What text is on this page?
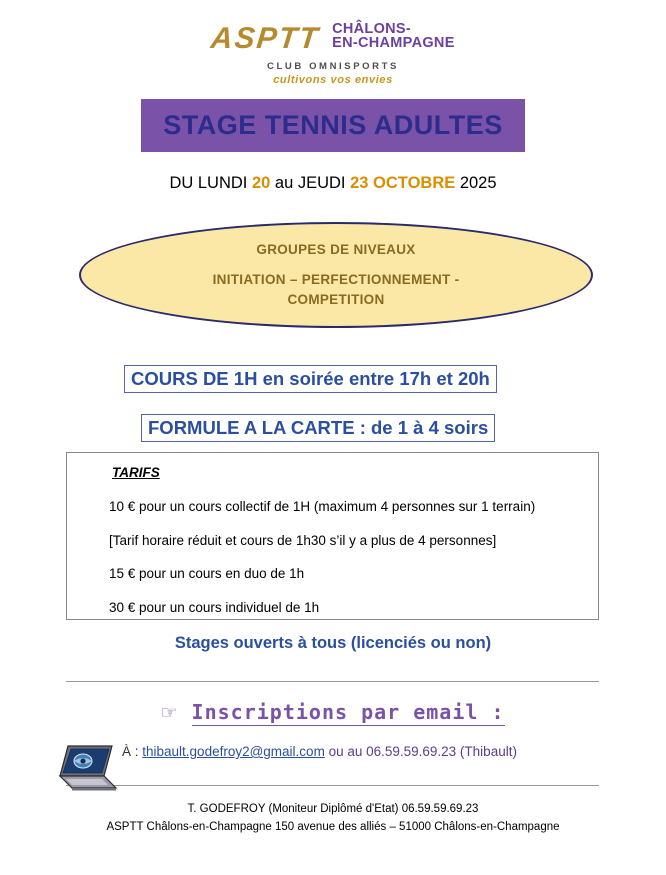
ASPTT CHÂLONS-
EN-CHAMPAGNE
CLUB OMNISPORTS
cultivons vos envies
STAGE TENNIS ADULTES
DU LUNDI 20 au JEUDI 23 OCTOBRE 2025
GROUPES DE NIVEAUX
INITIATION – PERFECTIONNEMENT -
COMPETITION
COURS DE 1H en soirée entre 17h et 20h
FORMULE A LA CARTE : de 1 à 4 soirs
TARIFS
10 € pour un cours collectif de 1H (maximum 4 personnes sur 1 terrain)
[Tarif horaire réduit et cours de 1h30 s’il y a plus de 4 personnes]
15 € pour un cours en duo de 1h
30 € pour un cours individuel de 1h
Stages ouverts à tous (licenciés ou non)
☞ Inscriptions par email :
À : thibault.godefroy2@gmail.com ou au 06.59.59.69.23 (Thibault)
T. GODEFROY (Moniteur Diplômé d'Etat) 06.59.59.69.23
ASPTT Châlons-en-Champagne 150 avenue des alliés – 51000 Châlons-en-Champagne
